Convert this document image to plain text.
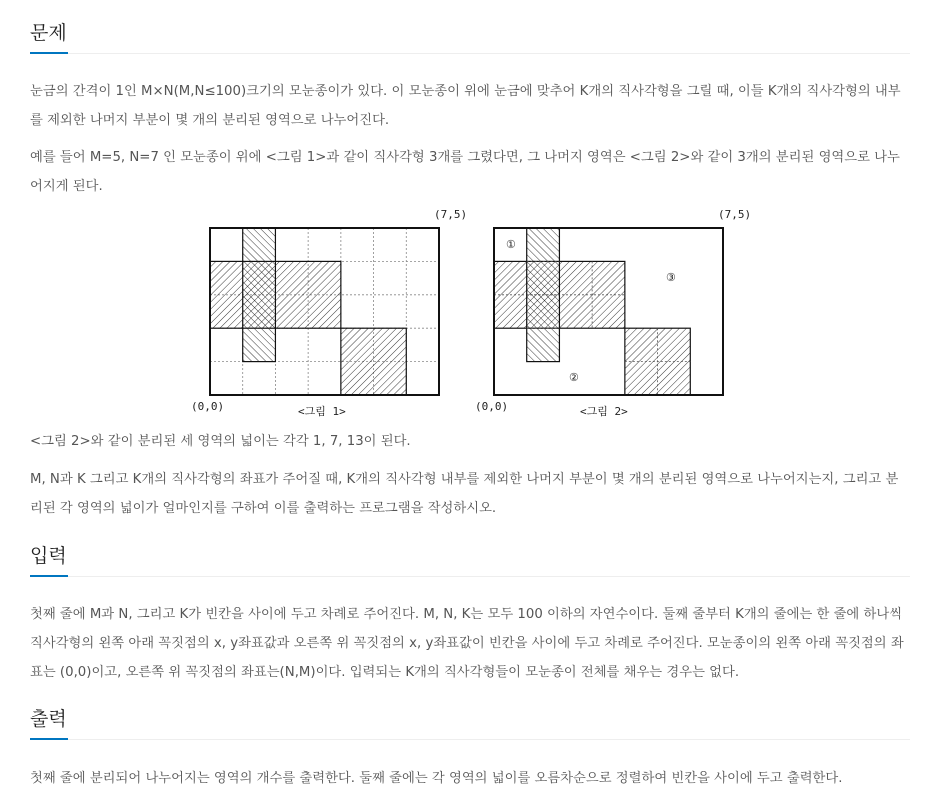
문제

눈금의 간격이 1인 M×N(M,N≤100)크기의 모눈종이가 있다. 이 모눈종이 위에 눈금에 맞추어 K개의 직사각형을 그릴 때, 이들 K개의 직사각형의 내부를 제외한 나머지 부분이 몇 개의 분리된 영역으로 나누어진다.

예를 들어 M=5, N=7 인 모눈종이 위에 <그림 1>과 같이 직사각형 3개를 그렸다면, 그 나머지 영역은 <그림 2>와 같이 3개의 분리된 영역으로 나누어지게 된다.

(7,5)
(0,0)	<그림 1>
(7,5)
(0,0)	<그림 2>
①
②
③

<그림 2>와 같이 분리된 세 영역의 넓이는 각각 1, 7, 13이 된다.

M, N과 K 그리고 K개의 직사각형의 좌표가 주어질 때, K개의 직사각형 내부를 제외한 나머지 부분이 몇 개의 분리된 영역으로 나누어지는지, 그리고 분리된 각 영역의 넓이가 얼마인지를 구하여 이를 출력하는 프로그램을 작성하시오.

입력

첫째 줄에 M과 N, 그리고 K가 빈칸을 사이에 두고 차례로 주어진다. M, N, K는 모두 100 이하의 자연수이다. 둘째 줄부터 K개의 줄에는 한 줄에 하나씩 직사각형의 왼쪽 아래 꼭짓점의 x, y좌표값과 오른쪽 위 꼭짓점의 x, y좌표값이 빈칸을 사이에 두고 차례로 주어진다. 모눈종이의 왼쪽 아래 꼭짓점의 좌표는 (0,0)이고, 오른쪽 위 꼭짓점의 좌표는(N,M)이다. 입력되는 K개의 직사각형들이 모눈종이 전체를 채우는 경우는 없다.

출력

첫째 줄에 분리되어 나누어지는 영역의 개수를 출력한다. 둘째 줄에는 각 영역의 넓이를 오름차순으로 정렬하여 빈칸을 사이에 두고 출력한다.
